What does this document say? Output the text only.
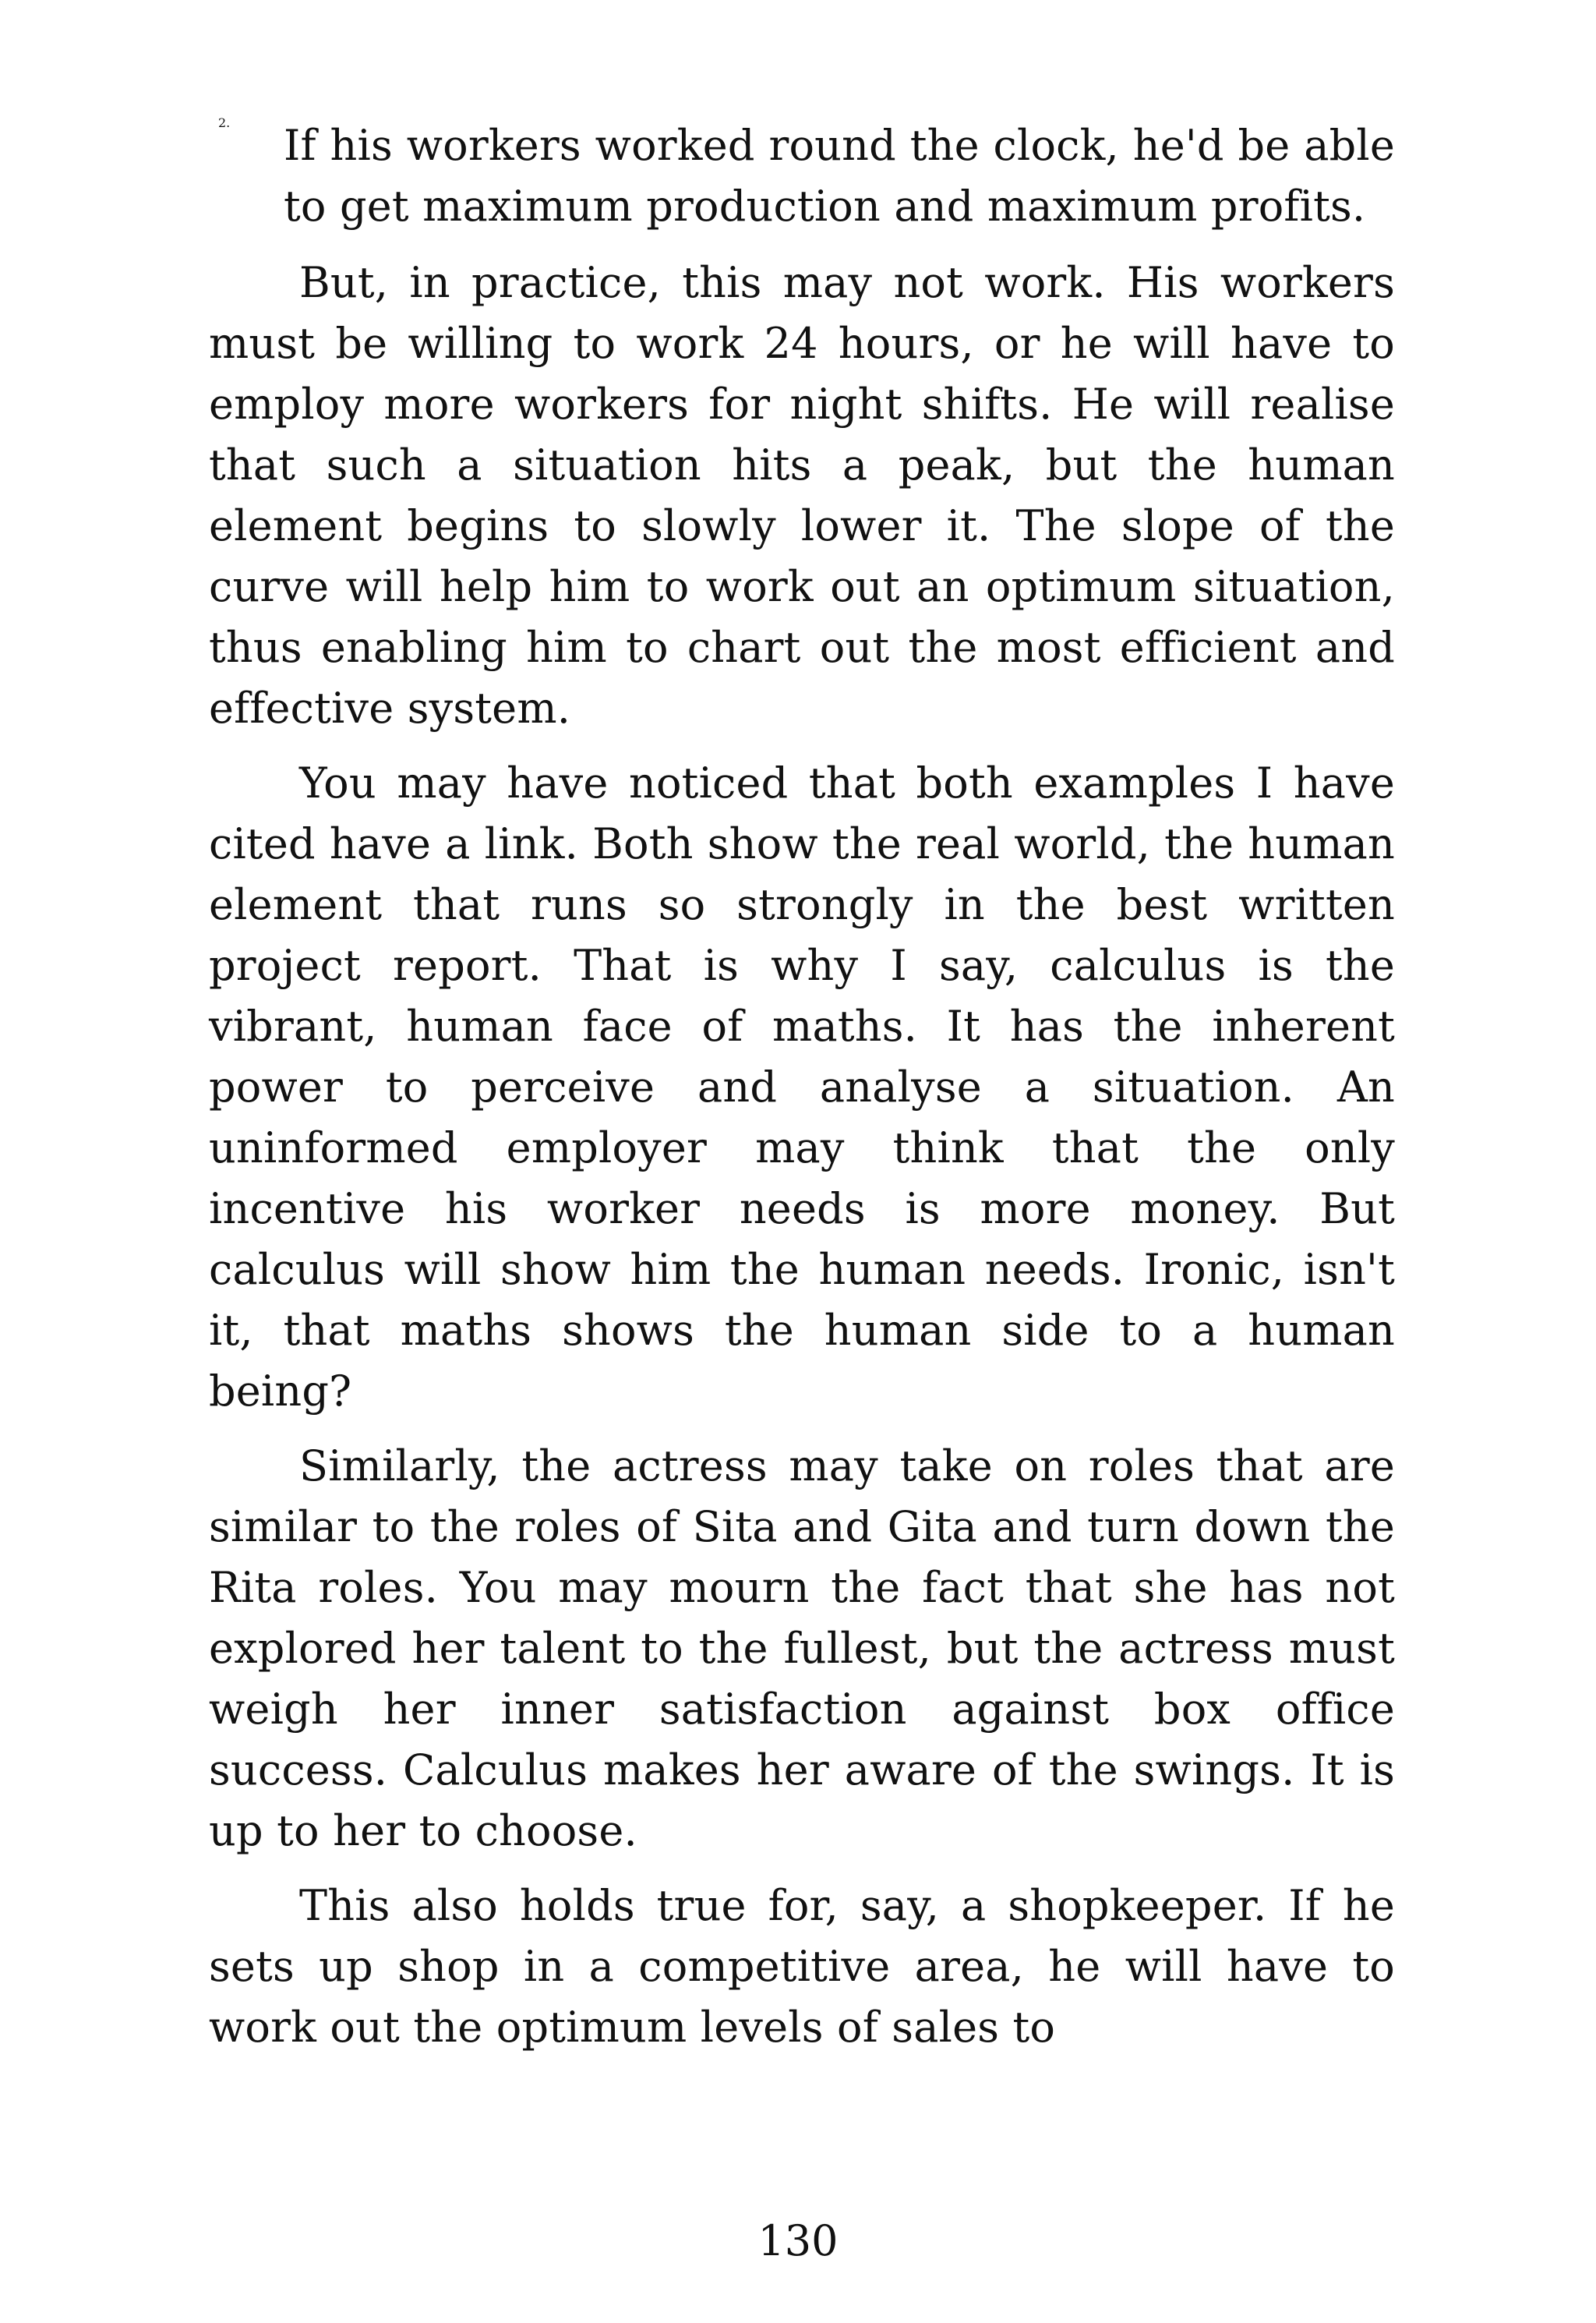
2. If his workers worked round the clock, he'd be able to get maximum production and maximum profits.

But, in practice, this may not work. His workers must be willing to work 24 hours, or he will have to employ more workers for night shifts. He will realise that such a situation hits a peak, but the human element begins to slowly lower it. The slope of the curve will help him to work out an optimum situation, thus enabling him to chart out the most efficient and effective system.

You may have noticed that both examples I have cited have a link. Both show the real world, the human element that runs so strongly in the best written project report. That is why I say, calculus is the vibrant, human face of maths. It has the inherent power to perceive and analyse a situation. An uninformed employer may think that the only incentive his worker needs is more money. But calculus will show him the human needs. Ironic, isn't it, that maths shows the human side to a human being?

Similarly, the actress may take on roles that are similar to the roles of Sita and Gita and turn down the Rita roles. You may mourn the fact that she has not explored her talent to the fullest, but the actress must weigh her inner satisfaction against box office success. Calculus makes her aware of the swings. It is up to her to choose.

This also holds true for, say, a shopkeeper. If he sets up shop in a competitive area, he will have to work out the optimum levels of sales to

130
